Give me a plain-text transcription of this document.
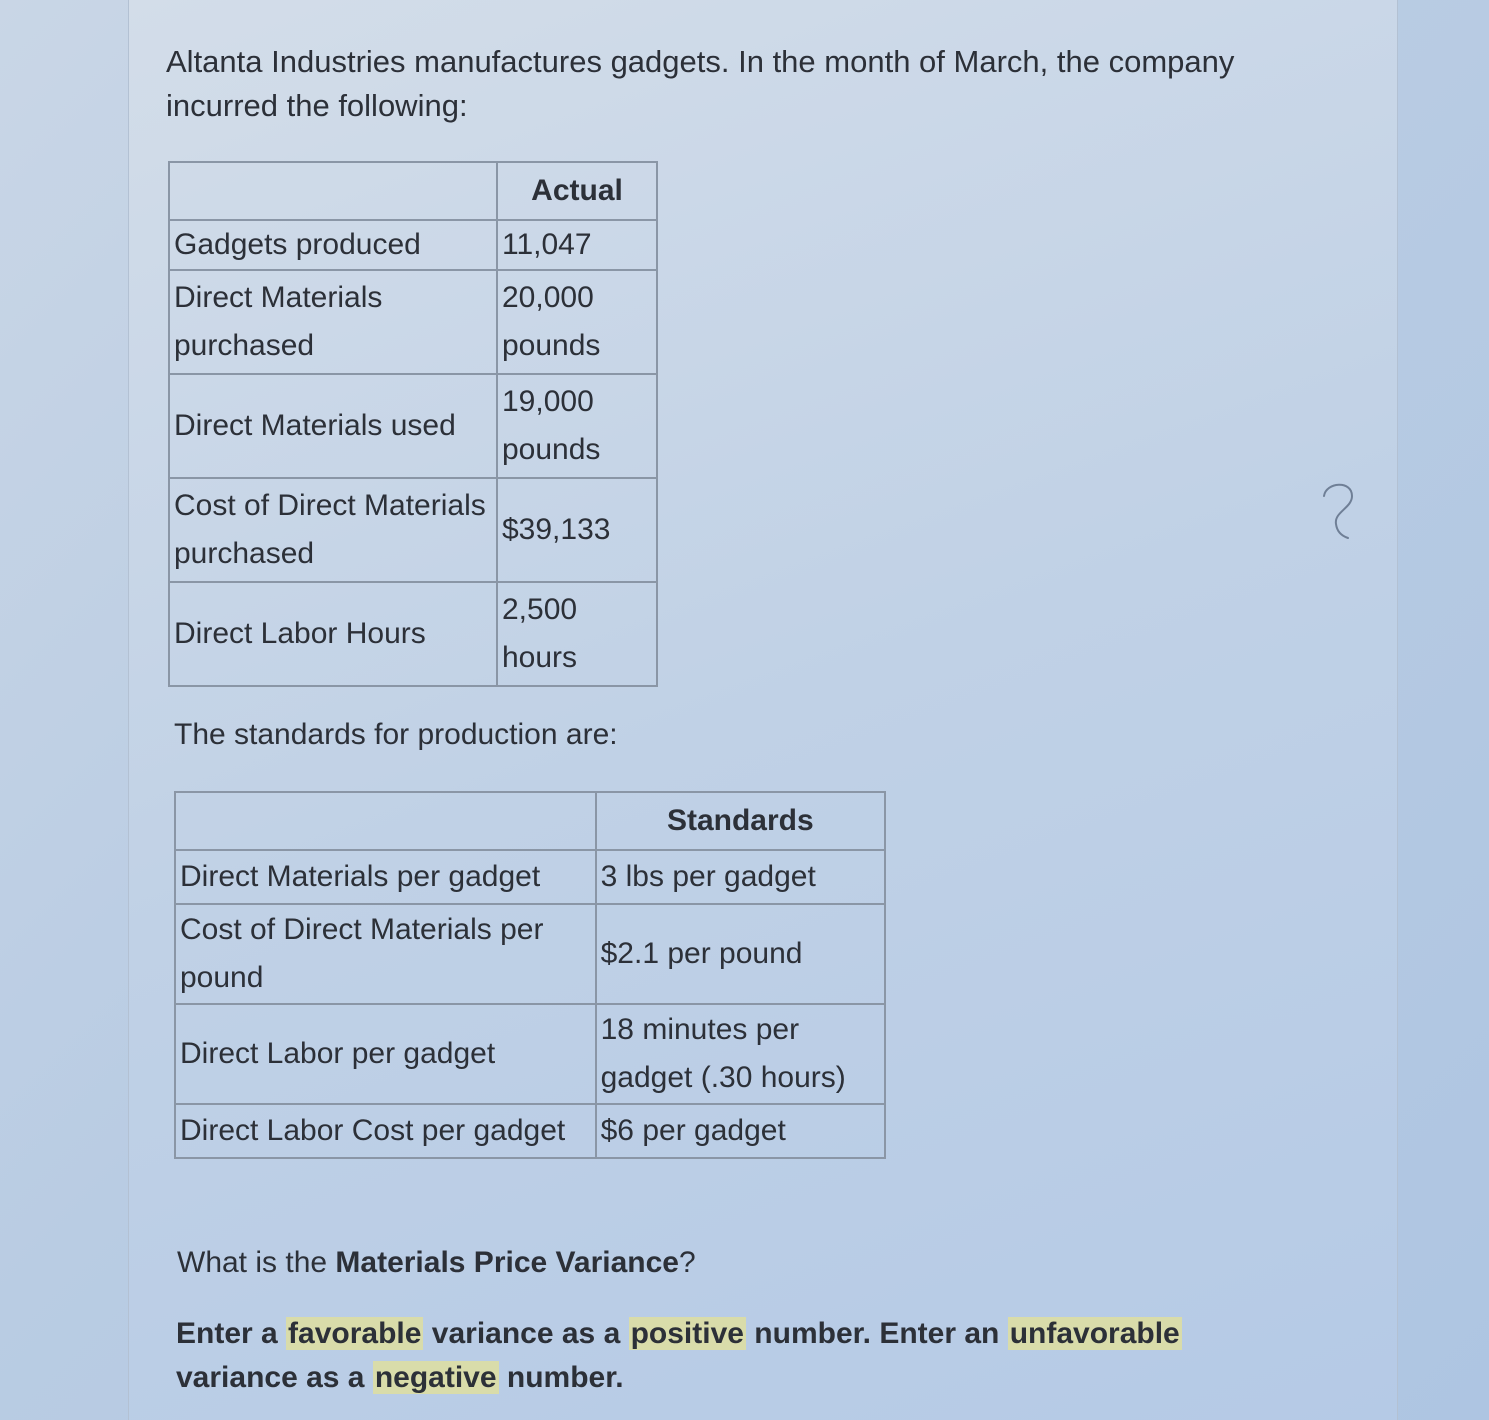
Altanta Industries manufactures gadgets. In the month of March, the company incurred the following:

	Actual
Gadgets produced	11,047
Direct Materials purchased	20,000 pounds
Direct Materials used	19,000 pounds
Cost of Direct Materials purchased	$39,133
Direct Labor Hours	2,500 hours

The standards for production are:

	Standards
Direct Materials per gadget	3 lbs per gadget
Cost of Direct Materials per pound	$2.1 per pound
Direct Labor per gadget	18 minutes per gadget (.30 hours)
Direct Labor Cost per gadget	$6 per gadget

What is the Materials Price Variance?

Enter a favorable variance as a positive number. Enter an unfavorable variance as a negative number.
